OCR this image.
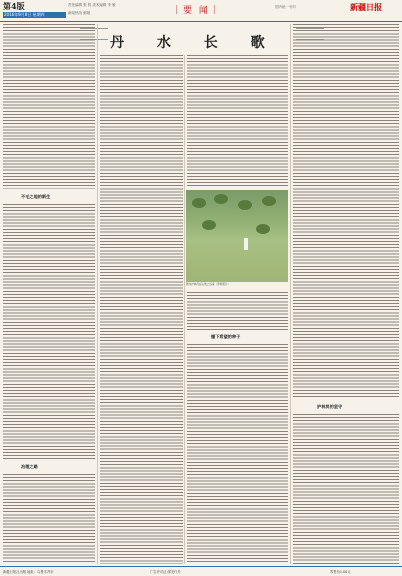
第4版
2016年9月8日 星期四
责任编辑 张 锐 美术编辑 李 敏
新闻热线 邮箱	｜要 闻｜	国内统一刊号	新疆日报
丹 水 长 歌
不毛之地的新生
治理之路
图为护林员在山坡上巡查（资料照片）
播下希望的种子
护林员的坚守
新疆日报社出版 地址：乌鲁木齐市	广告许可证 邮发代号	零售价1.00元
